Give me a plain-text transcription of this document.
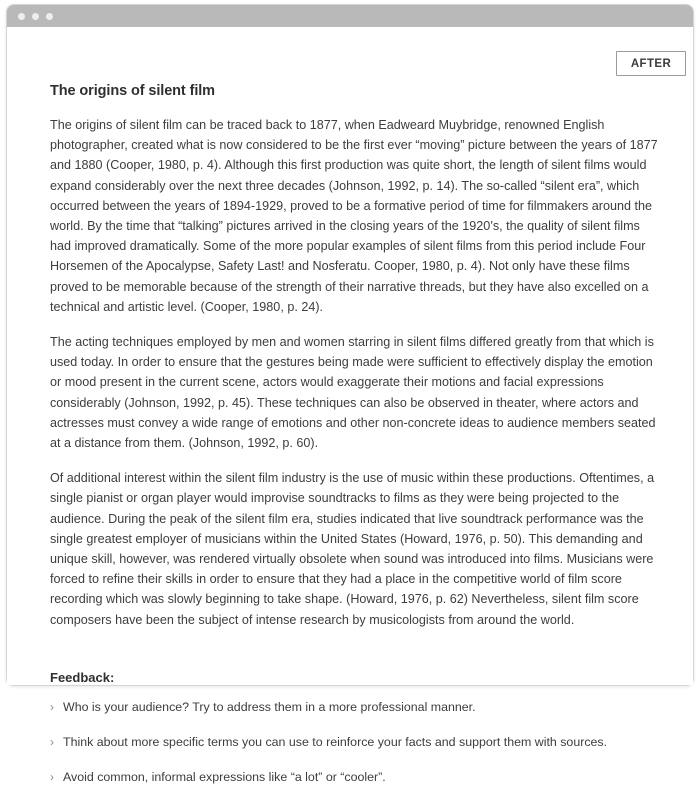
AFTER
The origins of silent film

The origins of silent film can be traced back to 1877, when Eadweard Muybridge, renowned English photographer, created what is now considered to be the first ever “moving” picture between the years of 1877 and 1880 (Cooper, 1980, p. 4). Although this first production was quite short, the length of silent films would expand considerably over the next three decades (Johnson, 1992, p. 14). The so-called “silent era”, which occurred between the years of 1894-1929, proved to be a formative period of time for filmmakers around the world. By the time that “talking” pictures arrived in the closing years of the 1920’s, the quality of silent films had improved dramatically. Some of the more popular examples of silent films from this period include Four Horsemen of the Apocalypse, Safety Last! and Nosferatu. Cooper, 1980, p. 4). Not only have these films proved to be memorable because of the strength of their narrative threads, but they have also excelled on a technical and artistic level. (Cooper, 1980, p. 24).

The acting techniques employed by men and women starring in silent films differed greatly from that which is used today. In order to ensure that the gestures being made were sufficient to effectively display the emotion or mood present in the current scene, actors would exaggerate their motions and facial expressions considerably (Johnson, 1992, p. 45). These techniques can also be observed in theater, where actors and actresses must convey a wide range of emotions and other non-concrete ideas to audience members seated at a distance from them. (Johnson, 1992, p. 60).

Of additional interest within the silent film industry is the use of music within these productions. Oftentimes, a single pianist or organ player would improvise soundtracks to films as they were being projected to the audience. During the peak of the silent film era, studies indicated that live soundtrack performance was the single greatest employer of musicians within the United States (Howard, 1976, p. 50). This demanding and unique skill, however, was rendered virtually obsolete when sound was introduced into films. Musicians were forced to refine their skills in order to ensure that they had a place in the competitive world of film score recording which was slowly beginning to take shape. (Howard, 1976, p. 62) Nevertheless, silent film score composers have been the subject of intense research by musicologists from around the world.

Feedback:
› Who is your audience? Try to address them in a more professional manner.
› Think about more specific terms you can use to reinforce your facts and support them with sources.
› Avoid common, informal expressions like “a lot” or “cooler”.
